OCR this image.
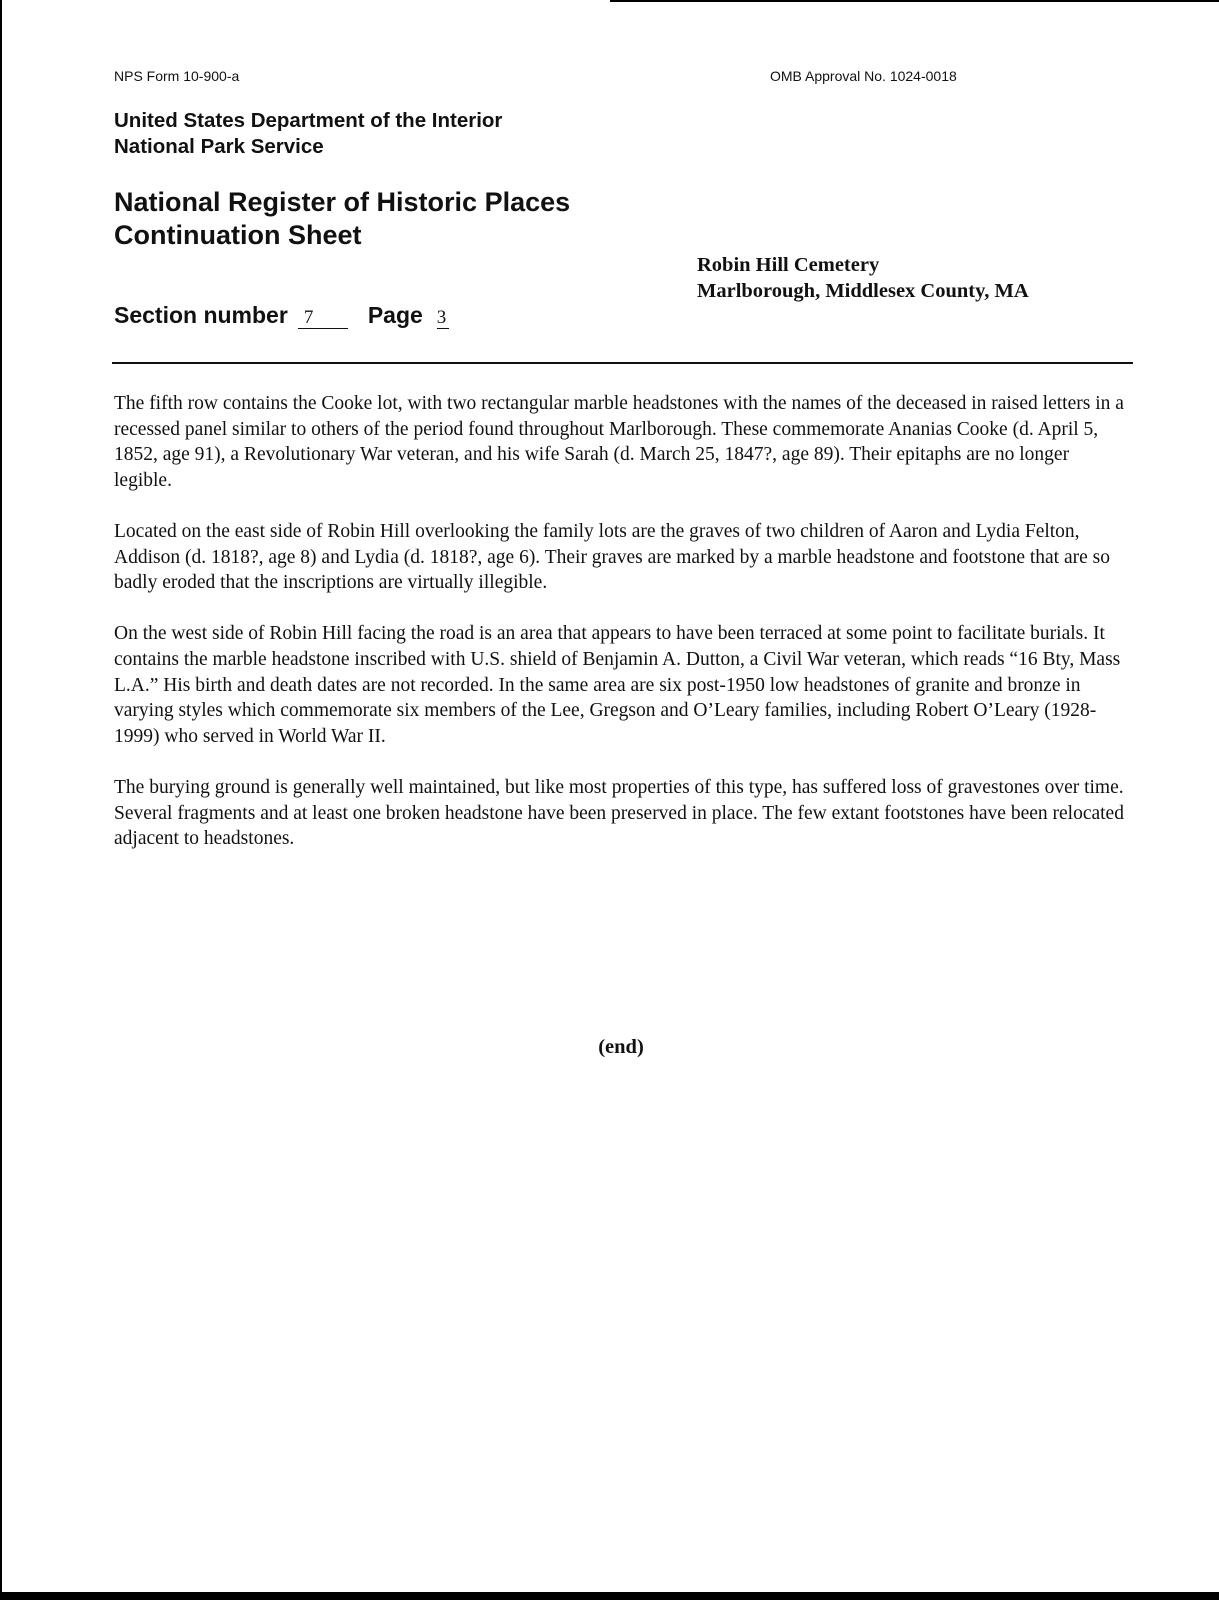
NPS Form 10-900-a	OMB Approval No. 1024-0018
United States Department of the Interior
National Park Service
National Register of Historic Places
Continuation Sheet
Robin Hill Cemetery
Marlborough, Middlesex County, MA
Section number 7 Page 3

The fifth row contains the Cooke lot, with two rectangular marble headstones with the names of the deceased in raised letters in a recessed panel similar to others of the period found throughout Marlborough. These commemorate Ananias Cooke (d. April 5, 1852, age 91), a Revolutionary War veteran, and his wife Sarah (d. March 25, 1847?, age 89). Their epitaphs are no longer legible.

Located on the east side of Robin Hill overlooking the family lots are the graves of two children of Aaron and Lydia Felton, Addison (d. 1818?, age 8) and Lydia (d. 1818?, age 6). Their graves are marked by a marble headstone and footstone that are so badly eroded that the inscriptions are virtually illegible.

On the west side of Robin Hill facing the road is an area that appears to have been terraced at some point to facilitate burials. It contains the marble headstone inscribed with U.S. shield of Benjamin A. Dutton, a Civil War veteran, which reads “16 Bty, Mass L.A.” His birth and death dates are not recorded. In the same area are six post-1950 low headstones of granite and bronze in varying styles which commemorate six members of the Lee, Gregson and O’Leary families, including Robert O’Leary (1928-1999) who served in World War II.

The burying ground is generally well maintained, but like most properties of this type, has suffered loss of gravestones over time. Several fragments and at least one broken headstone have been preserved in place. The few extant footstones have been relocated adjacent to headstones.

(end)
